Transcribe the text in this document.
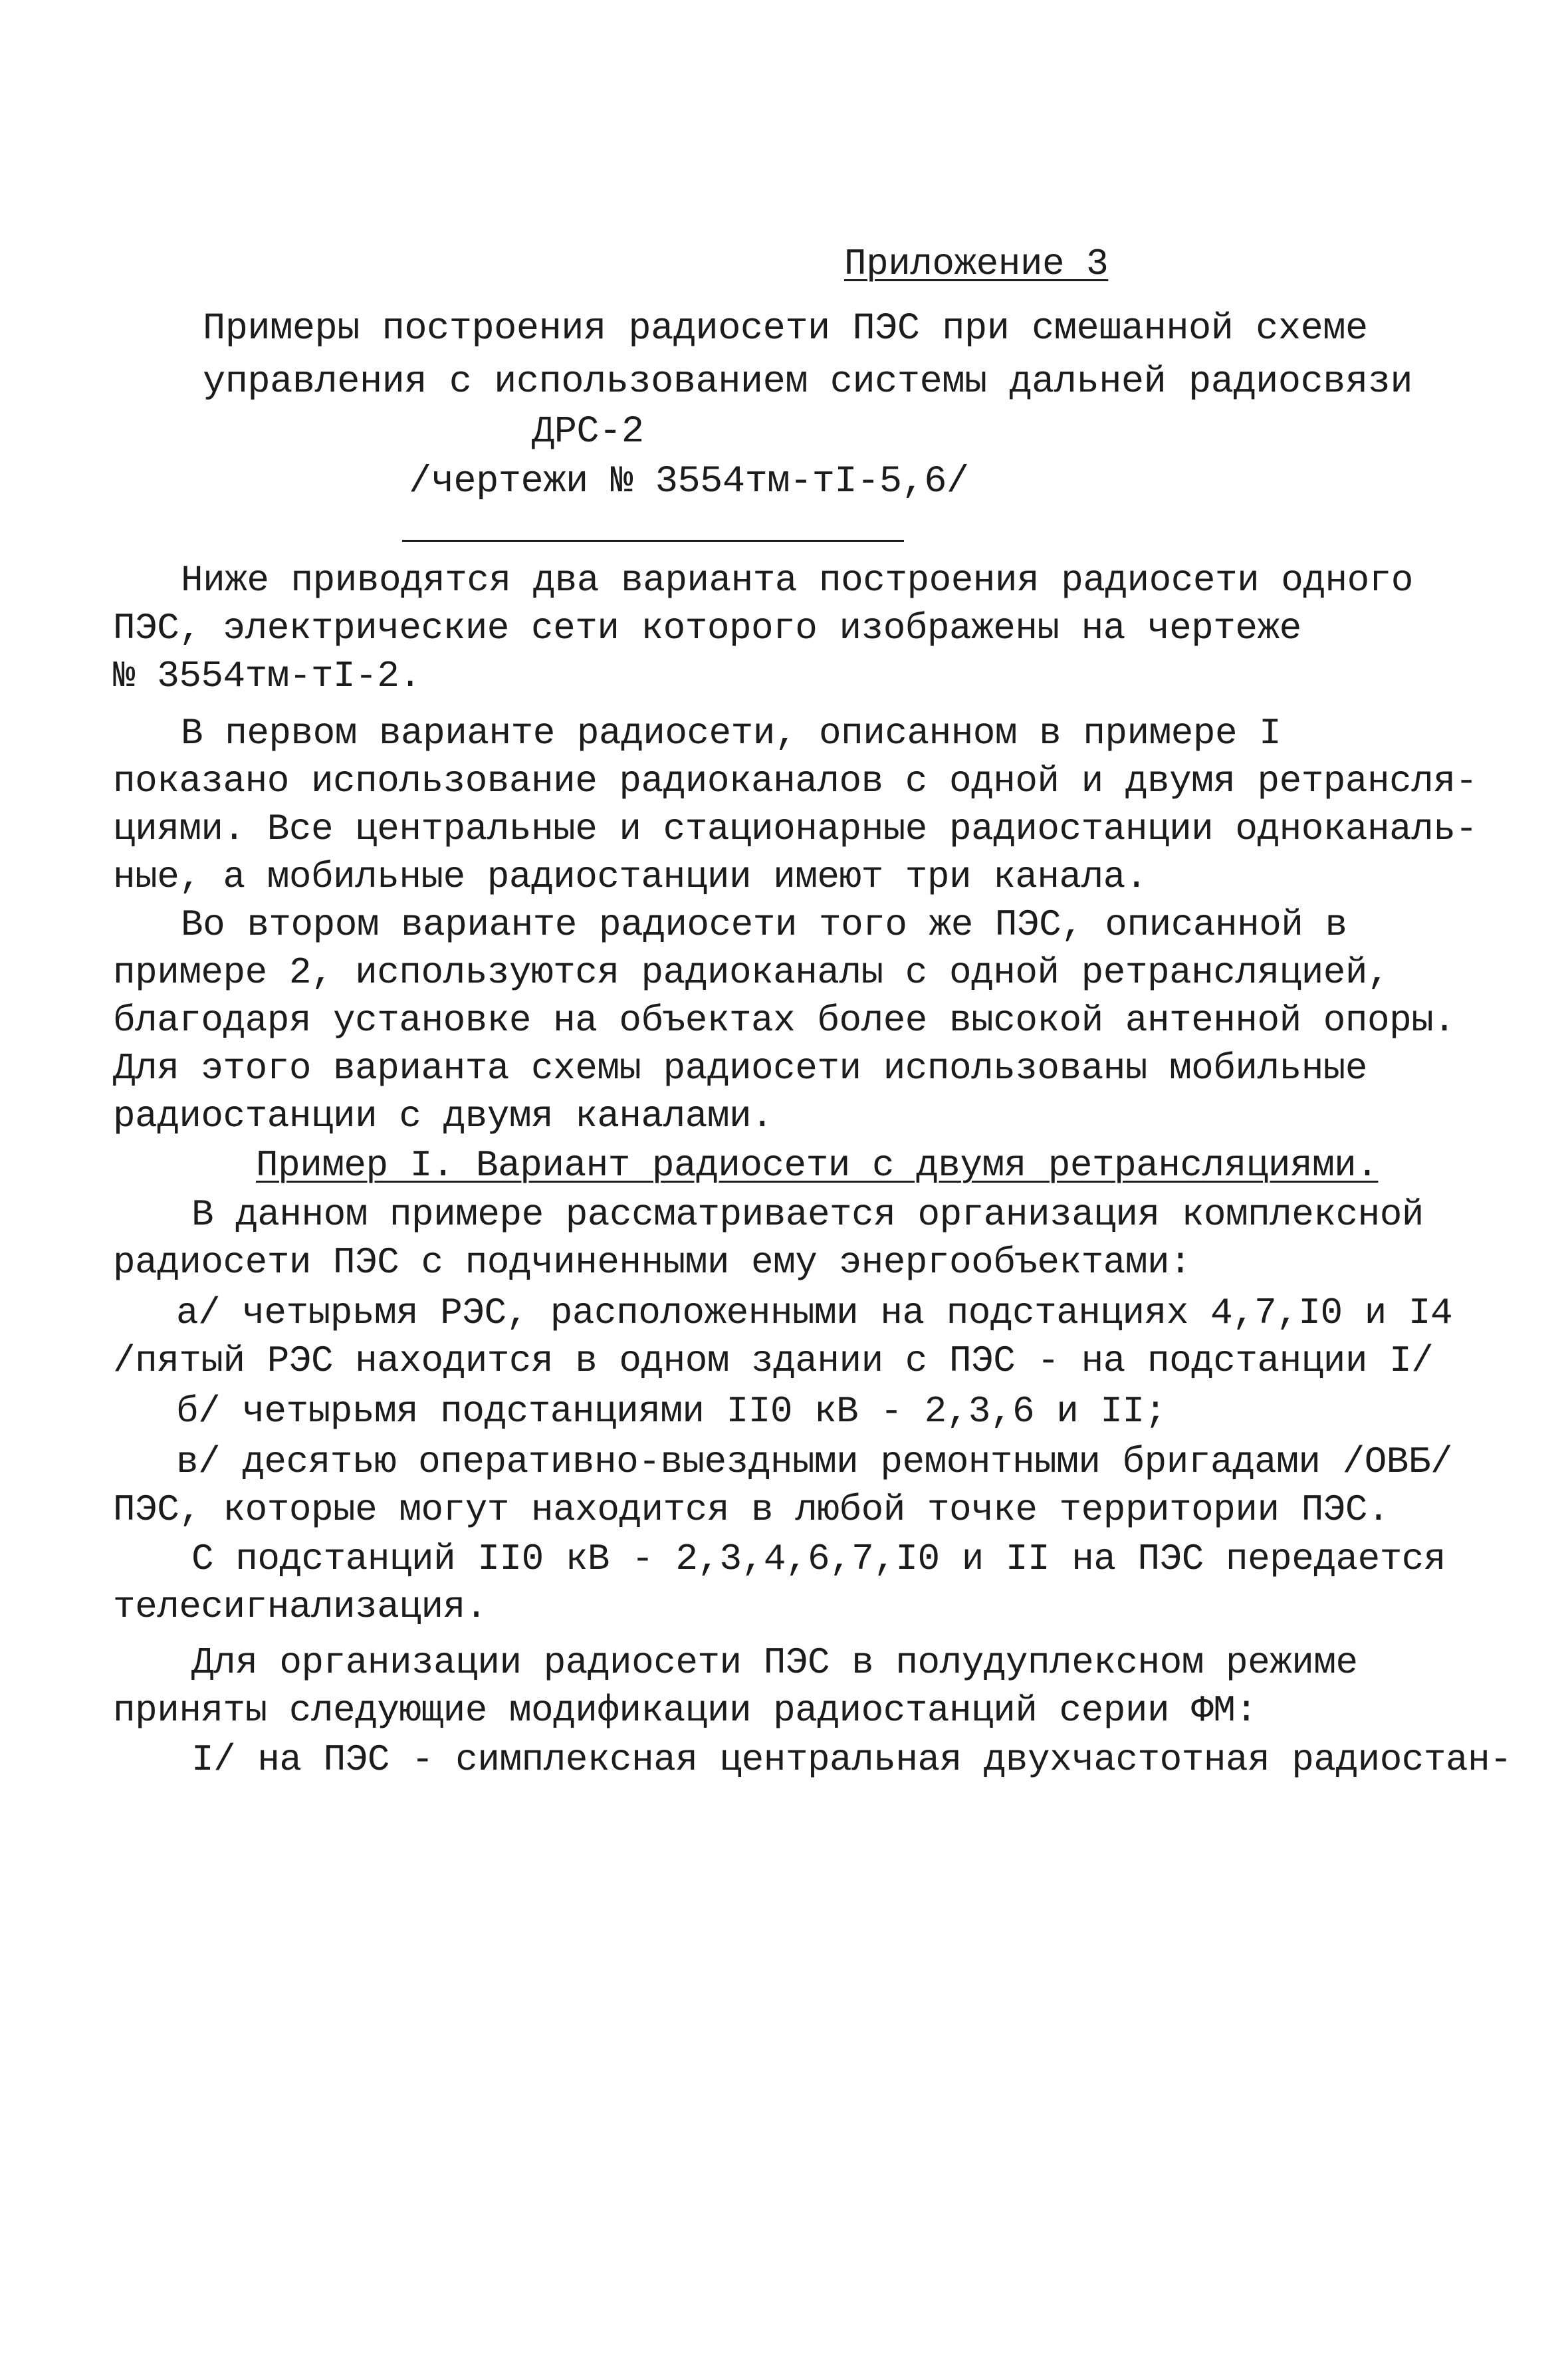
Приложение 3
Примеры построения радиосети ПЭС при смешанной схеме
управления с использованием системы дальней радиосвязи
ДРС-2
/чертежи № 3554тм-тI-5,6/
Ниже приводятся два варианта построения радиосети одного
ПЭС, электрические сети которого изображены на чертеже
№ 3554тм-тI-2.
В первом варианте радиосети, описанном в примере I
показано использование радиоканалов с одной и двумя ретрансля-
циями. Все центральные и стационарные радиостанции одноканаль-
ные, а мобильные радиостанции имеют три канала.
Во втором варианте радиосети того же ПЭС, описанной в
примере 2, используются радиоканалы с одной ретрансляцией,
благодаря установке на объектах более высокой антенной опоры.
Для этого варианта схемы радиосети использованы мобильные
радиостанции с двумя каналами.
Пример I. Вариант радиосети с двумя ретрансляциями.
В данном примере рассматривается организация комплексной
радиосети ПЭС с подчиненными ему энергообъектами:
а/ четырьмя РЭС, расположенными на подстанциях 4,7,I0 и I4
/пятый РЭС находится в одном здании с ПЭС - на подстанции I/
б/ четырьмя подстанциями II0 кВ - 2,3,6 и II;
в/ десятью оперативно-выездными ремонтными бригадами /ОВБ/
ПЭС, которые могут находится в любой точке территории ПЭС.
С подстанций II0 кВ - 2,3,4,6,7,I0 и II на ПЭС передается
телесигнализация.
Для организации радиосети ПЭС в полудуплексном режиме
приняты следующие модификации радиостанций серии ФМ:
I/ на ПЭС - симплексная центральная двухчастотная радиостан-
